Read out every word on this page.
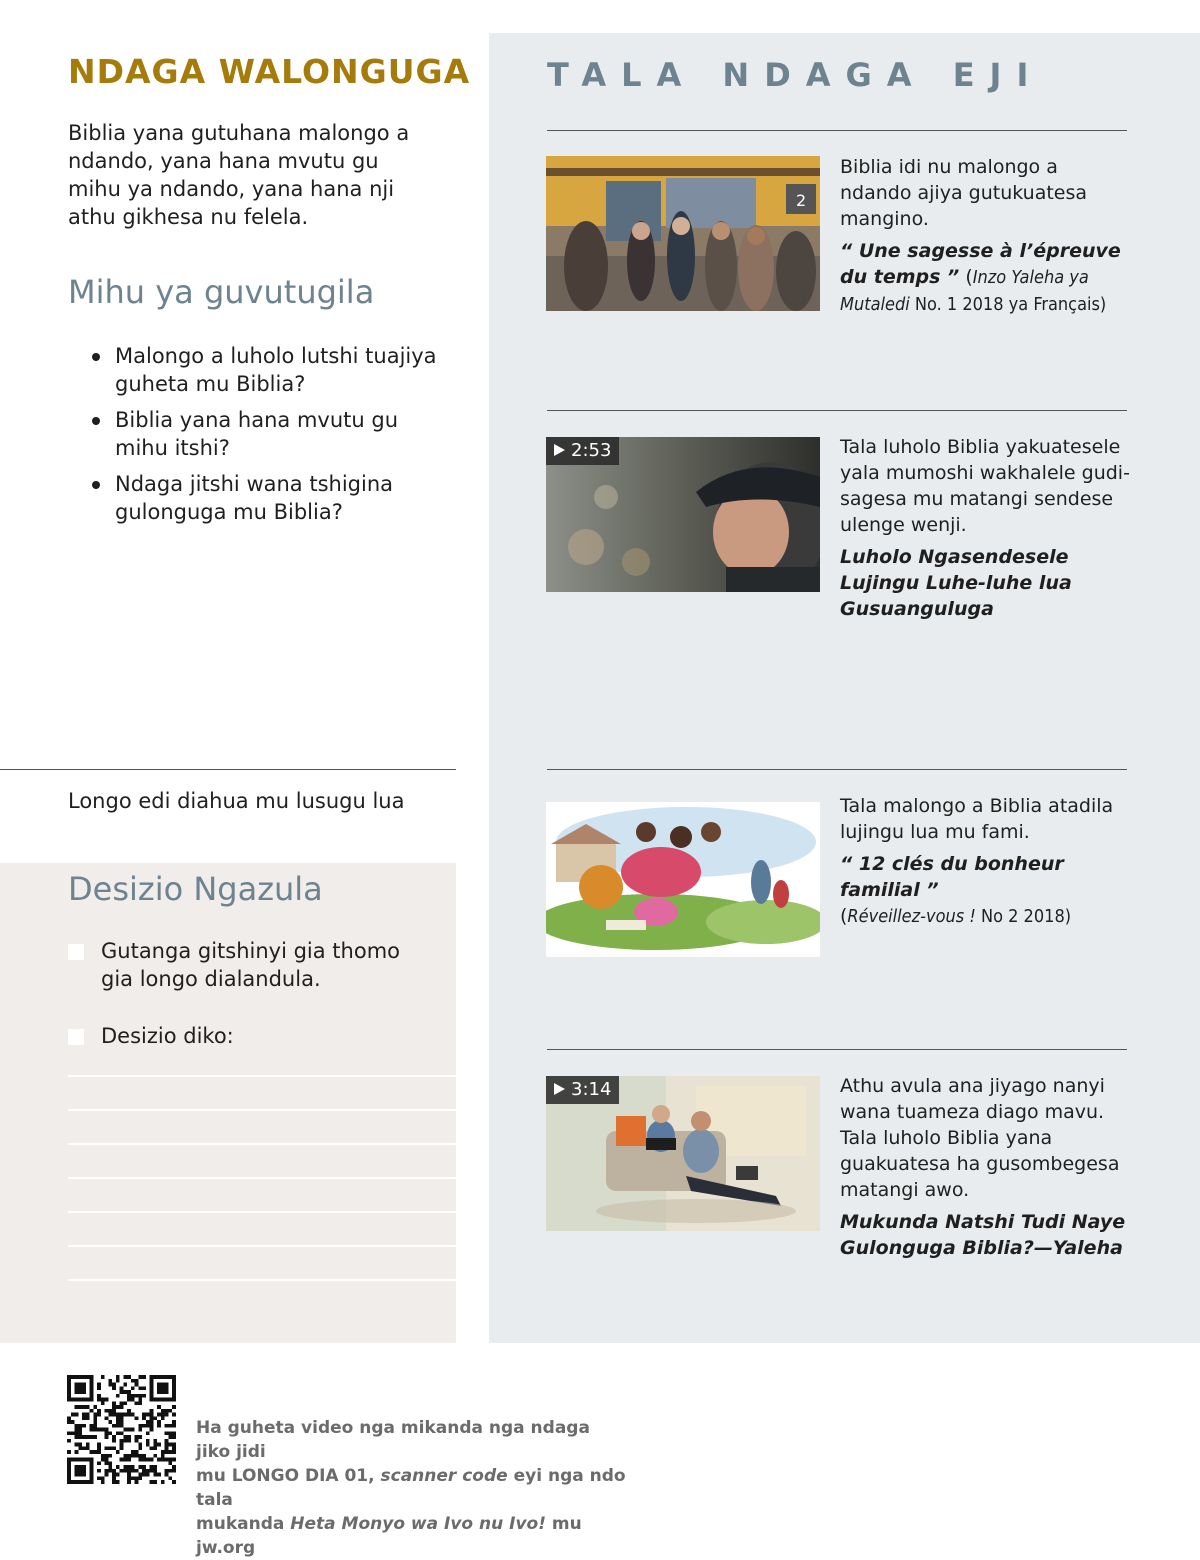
NDAGA WALONGUGA
Biblia yana gutuhana malongo a ndando, yana hana mvutu gu mihu ya ndando, yana hana nji athu gikhesa nu felela.
Mihu ya guvutugila
Malongo a luholo lutshi tuajiya guheta mu Biblia?
Biblia yana hana mvutu gu mihu itshi?
Ndaga jitshi wana tshigina gulonguga mu Biblia?
Longo edi diahua mu lusugu lua
Desizio Ngazula
Gutanga gitshinyi gia thomo gia longo dialandula.
Desizio diko:
TALA NDAGA EJI
2
Biblia idi nu malongo a ndando ajiya gutukuatesa mangino.
“ Une sagesse à l’épreuve du temps ” (Inzo Yaleha ya Mutaledi No. 1 2018 ya Français)
2:53	Tala luholo Biblia yakuatesele yala mumoshi wakhalele gudi-sagesa mu matangi sendese ulenge wenji.
Luholo Ngasendesele Lujingu Luhe-luhe lua Gusuanguluga
Tala malongo a Biblia atadila lujingu lua mu fami.
“ 12 clés du bonheur familial ”
(Réveillez-vous ! No 2 2018)
3:14	Athu avula ana jiyago nanyi wana tuameza diago mavu. Tala luholo Biblia yana guakuatesa ha gusombegesa matangi awo.
Mukunda Natshi Tudi Naye Gulonguga Biblia?—Yaleha
Ha guheta video nga mikanda nga ndaga jiko jidi
mu LONGO DIA 01, scanner code eyi nga ndo tala
mukanda Heta Monyo wa Ivo nu Ivo! mu jw.org
